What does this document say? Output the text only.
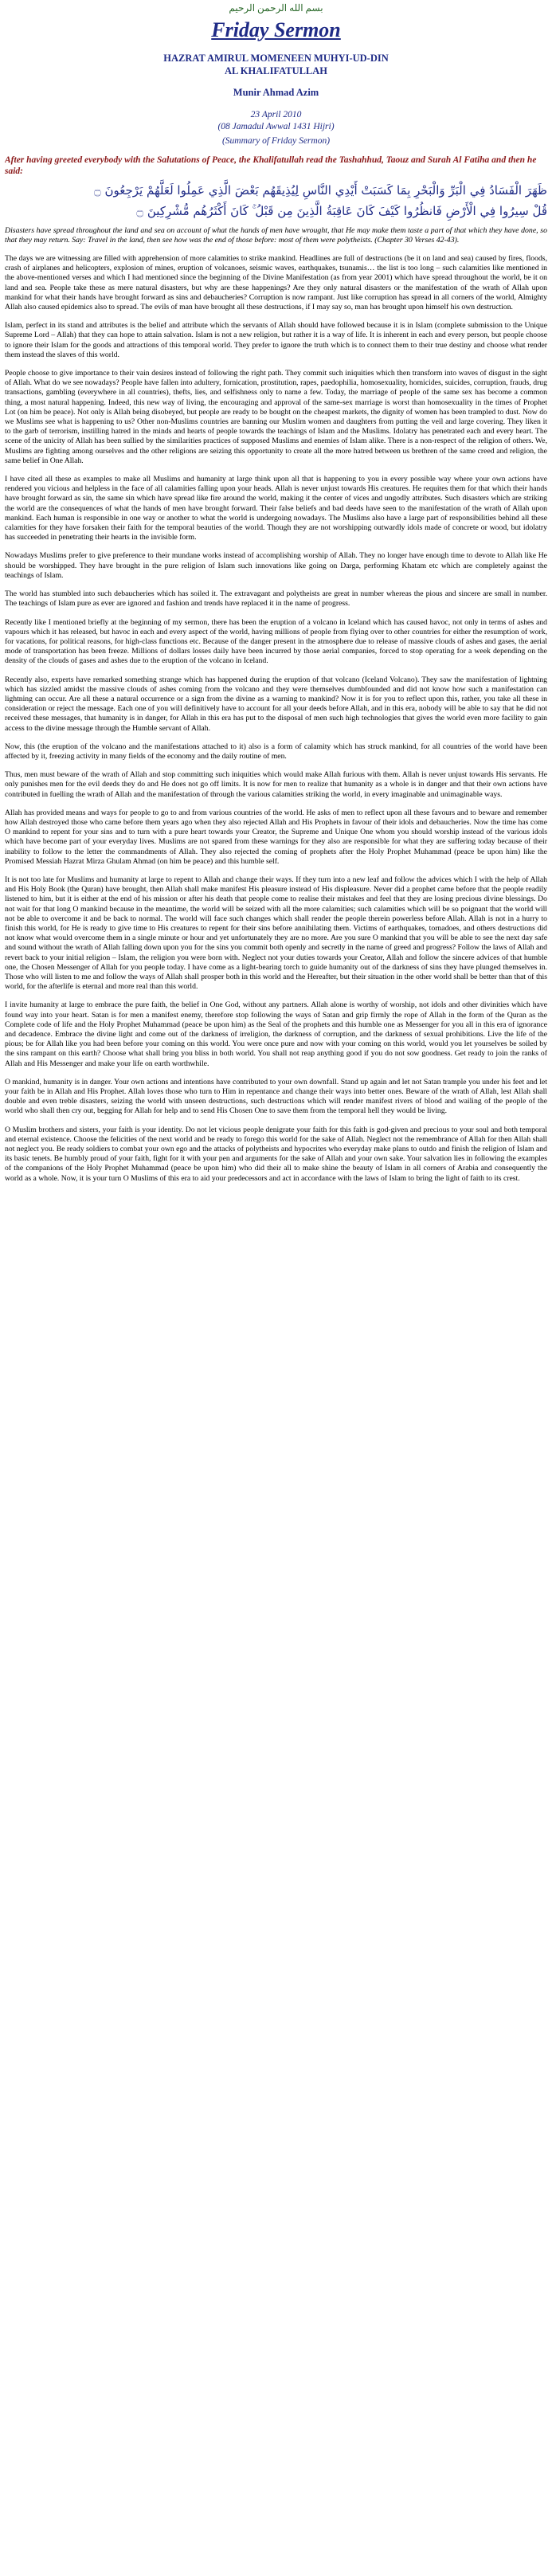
بسم الله الرحمن الرحيم
Friday Sermon
HAZRAT AMIRUL MOMENEEN MUHYI-UD-DIN
AL KHALIFATULLAH
Munir Ahmad Azim
23 April 2010
(08 Jamadul Awwal 1431 Hijri)
(Summary of Friday Sermon)
After having greeted everybody with the Salutations of Peace, the Khalifatullah read the Tashahhud, Taouz and Surah Al Fatiha and then he said:
ظَهَرَ الْفَسَادُ فِي الْبَرِّ وَالْبَحْرِ بِمَا كَسَبَتْ أَيْدِي النَّاسِ لِيُذِيقَهُم بَعْضَ الَّذِي عَمِلُوا لَعَلَّهُمْ يَرْجِعُونَ ۝
قُلْ سِيرُوا فِي الْأَرْضِ فَانظُرُوا كَيْفَ كَانَ عَاقِبَةُ الَّذِينَ مِن قَبْلُ ۚ كَانَ أَكْثَرُهُم مُّشْرِكِينَ ۝
Disasters have spread throughout the land and sea on account of what the hands of men have wrought, that He may make them taste a part of that which they have done, so that they may return. Say: Travel in the land, then see how was the end of those before: most of them were polytheists. (Chapter 30 Verses 42-43).

The days we are witnessing are filled with apprehension of more calamities to strike mankind. Headlines are full of destructions (be it on land and sea) caused by fires, floods, crash of airplanes and helicopters, explosion of mines, eruption of volcanoes, seismic waves, earthquakes, tsunamis… the list is too long – such calamities like mentioned in the above-mentioned verses and which I had mentioned since the beginning of the Divine Manifestation (as from year 2001) which have spread throughout the world, be it on land and sea. People take these as mere natural disasters, but why are these happenings? Are they only natural disasters or the manifestation of the wrath of Allah upon mankind for what their hands have brought forward as sins and debaucheries? Corruption is now rampant. Just like corruption has spread in all corners of the world, Almighty Allah also caused epidemics also to spread. The evils of man have brought all these destructions, if I may say so, man has brought upon himself his own destruction.

Islam, perfect in its stand and attributes is the belief and attribute which the servants of Allah should have followed because it is in Islam (complete submission to the Unique Supreme Lord – Allah) that they can hope to attain salvation. Islam is not a new religion, but rather it is a way of life. It is inherent in each and every person, but people choose to ignore their Islam for the goods and attractions of this temporal world. They prefer to ignore the truth which is to connect them to their true destiny and choose what render them instead the slaves of this world.

People choose to give importance to their vain desires instead of following the right path. They commit such iniquities which then transform into waves of disgust in the sight of Allah. What do we see nowadays? People have fallen into adultery, fornication, prostitution, rapes, paedophilia, homosexuality, homicides, suicides, corruption, frauds, drug transactions, gambling (everywhere in all countries), thefts, lies, and selfishness only to name a few. Today, the marriage of people of the same sex has become a common thing, a most natural happening. Indeed, this new way of living, the encouraging and approval of the same-sex marriage is worst than homosexuality in the times of Prophet Lot (on him be peace). Not only is Allah being disobeyed, but people are ready to be bought on the cheapest markets, the dignity of women has been trampled to dust. Now do we Muslims see what is happening to us? Other non-Muslims countries are banning our Muslim women and daughters from putting the veil and large covering. They liken it to the garb of terrorism, instilling hatred in the minds and hearts of people towards the teachings of Islam and the Muslims. Idolatry has penetrated each and every heart. The scene of the unicity of Allah has been sullied by the similarities practices of supposed Muslims and enemies of Islam alike. There is a non-respect of the religion of others. We, Muslims are fighting among ourselves and the other religions are seizing this opportunity to create all the more hatred between us brethren of the same creed and religion, the same belief in One Allah.

I have cited all these as examples to make all Muslims and humanity at large think upon all that is happening to you in every possible way where your own actions have rendered you vicious and helpless in the face of all calamities falling upon your heads. Allah is never unjust towards His creatures. He requites them for that which their hands have brought forward as sin, the same sin which have spread like fire around the world, making it the center of vices and ungodly attributes. Such disasters which are striking the world are the consequences of what the hands of men have brought forward. Their false beliefs and bad deeds have seen to the manifestation of the wrath of Allah upon mankind. Each human is responsible in one way or another to what the world is undergoing nowadays. The Muslims also have a large part of responsibilities behind all these calamities for they have forsaken their faith for the temporal beauties of the world. Though they are not worshipping outwardly idols made of concrete or wood, but idolatry has succeeded in penetrating their hearts in the invisible form.

Nowadays Muslims prefer to give preference to their mundane works instead of accomplishing worship of Allah. They no longer have enough time to devote to Allah like He should be worshipped. They have brought in the pure religion of Islam such innovations like going on Darga, performing Khatam etc which are completely against the teachings of Islam.

The world has stumbled into such debaucheries which has soiled it. The extravagant and polytheists are great in number whereas the pious and sincere are small in number. The teachings of Islam pure as ever are ignored and fashion and trends have replaced it in the name of progress.

Recently like I mentioned briefly at the beginning of my sermon, there has been the eruption of a volcano in Iceland which has caused havoc, not only in terms of ashes and vapours which it has released, but havoc in each and every aspect of the world, having millions of people from flying over to other countries for either the resumption of work, for vacations, for political reasons, for high-class functions etc. Because of the danger present in the atmosphere due to release of massive clouds of ashes and gases, the aerial mode of transportation has been freeze. Millions of dollars losses daily have been incurred by those aerial companies, forced to stop operating for a week depending on the density of the clouds of gases and ashes due to the eruption of the volcano in Iceland.

Recently also, experts have remarked something strange which has happened during the eruption of that volcano (Iceland Volcano). They saw the manifestation of lightning which has sizzled amidst the massive clouds of ashes coming from the volcano and they were themselves dumbfounded and did not know how such a manifestation can lightning can occur. Are all these a natural occurrence or a sign from the divine as a warning to mankind? Now it is for you to reflect upon this, rather, you take all these in consideration or reject the message. Each one of you will definitively have to account for all your deeds before Allah, and in this era, nobody will be able to say that he did not received these messages, that humanity is in danger, for Allah in this era has put to the disposal of men such high technologies that gives the world even more facility to gain access to the divine message through the Humble servant of Allah.

Now, this (the eruption of the volcano and the manifestations attached to it) also is a form of calamity which has struck mankind, for all countries of the world have been affected by it, freezing activity in many fields of the economy and the daily routine of men.

Thus, men must beware of the wrath of Allah and stop committing such iniquities which would make Allah furious with them. Allah is never unjust towards His servants. He only punishes men for the evil deeds they do and He does not go off limits. It is now for men to realize that humanity as a whole is in danger and that their own actions have contributed in fuelling the wrath of Allah and the manifestation of through the various calamities striking the world, in every imaginable and unimaginable ways.

Allah has provided means and ways for people to go to and from various countries of the world. He asks of men to reflect upon all these favours and to beware and remember how Allah destroyed those who came before them years ago when they also rejected Allah and His Prophets in favour of their idols and debaucheries. Now the time has come O mankind to repent for your sins and to turn with a pure heart towards your Creator, the Supreme and Unique One whom you should worship instead of the various idols which have become part of your everyday lives. Muslims are not spared from these warnings for they also are responsible for what they are suffering today because of their inability to follow to the letter the commandments of Allah. They also rejected the coming of prophets after the Holy Prophet Muhammad (peace be upon him) like the Promised Messiah Hazrat Mirza Ghulam Ahmad (on him be peace) and this humble self.

It is not too late for Muslims and humanity at large to repent to Allah and change their ways. If they turn into a new leaf and follow the advices which I with the help of Allah and His Holy Book (the Quran) have brought, then Allah shall make manifest His pleasure instead of His displeasure. Never did a prophet came before that the people readily listened to him, but it is either at the end of his mission or after his death that people come to realise their mistakes and feel that they are losing precious divine blessings. Do not wait for that long O mankind because in the meantime, the world will be seized with all the more calamities; such calamities which will be so poignant that the world will not be able to overcome it and be back to normal. The world will face such changes which shall render the people therein powerless before Allah. Allah is not in a hurry to finish this world, for He is ready to give time to His creatures to repent for their sins before annihilating them. Victims of earthquakes, tornadoes, and others destructions did not know what would overcome them in a single minute or hour and yet unfortunately they are no more. Are you sure O mankind that you will be able to see the next day safe and sound without the wrath of Allah falling down upon you for the sins you commit both openly and secretly in the name of greed and progress? Follow the laws of Allah and revert back to your initial religion – Islam, the religion you were born with. Neglect not your duties towards your Creator, Allah and follow the sincere advices of that humble one, the Chosen Messenger of Allah for you people today. I have come as a light-bearing torch to guide humanity out of the darkness of sins they have plunged themselves in. Those who will listen to me and follow the ways of Allah shall prosper both in this world and the Hereafter, but their situation in the other world shall be better than that of this world, for the afterlife is eternal and more real than this world.

I invite humanity at large to embrace the pure faith, the belief in One God, without any partners. Allah alone is worthy of worship, not idols and other divinities which have found way into your heart. Satan is for men a manifest enemy, therefore stop following the ways of Satan and grip firmly the rope of Allah in the form of the Quran as the Complete code of life and the Holy Prophet Muhammad (peace be upon him) as the Seal of the prophets and this humble one as Messenger for you all in this era of ignorance and decadence. Embrace the divine light and come out of the darkness of irreligion, the darkness of corruption, and the darkness of sexual prohibitions. Live the life of the pious; be for Allah like you had been before your coming on this world. You were once pure and now with your coming on this world, would you let yourselves be soiled by the sins rampant on this earth? Choose what shall bring you bliss in both world. You shall not reap anything good if you do not sow goodness. Get ready to join the ranks of Allah and His Messenger and make your life on earth worthwhile.

O mankind, humanity is in danger. Your own actions and intentions have contributed to your own downfall. Stand up again and let not Satan trample you under his feet and let your faith be in Allah and His Prophet. Allah loves those who turn to Him in repentance and change their ways into better ones. Beware of the wrath of Allah, lest Allah shall double and even treble disasters, seizing the world with unseen destructions, such destructions which will render manifest rivers of blood and wailing of the people of the world who shall then cry out, begging for Allah for help and to send His Chosen One to save them from the temporal hell they would be living.

O Muslim brothers and sisters, your faith is your identity. Do not let vicious people denigrate your faith for this faith is god-given and precious to your soul and both temporal and eternal existence. Choose the felicities of the next world and be ready to forego this world for the sake of Allah. Neglect not the remembrance of Allah for then Allah shall not neglect you. Be ready soldiers to combat your own ego and the attacks of polytheists and hypocrites who everyday make plans to outdo and finish the religion of Islam and its basic tenets. Be humbly proud of your faith, fight for it with your pen and arguments for the sake of Allah and your own sake. Your salvation lies in following the examples of the companions of the Holy Prophet Muhammad (peace be upon him) who did their all to make shine the beauty of Islam in all corners of Arabia and consequently the world as a whole. Now, it is your turn O Muslims of this era to aid your predecessors and act in accordance with the laws of Islam to bring the light of faith to its crest.
